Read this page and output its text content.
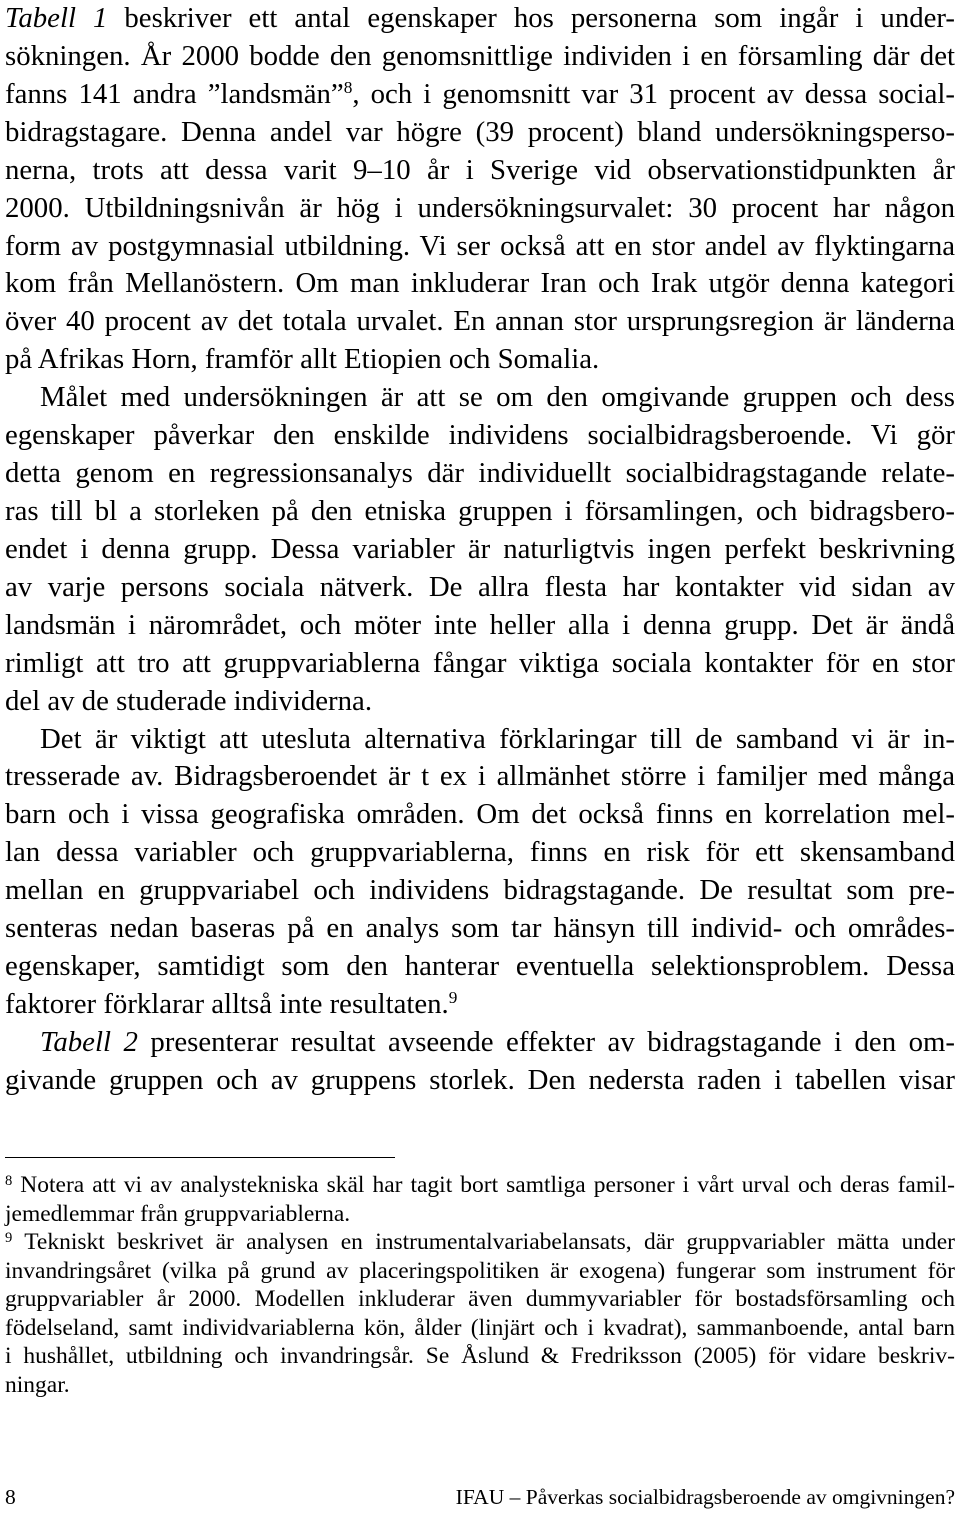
Tabell 1 beskriver ett antal egenskaper hos personerna som ingår i under-
sökningen. År 2000 bodde den genomsnittlige individen i en församling där det
fanns 141 andra ”landsmän”$^8$, och i genomsnitt var 31 procent av dessa social-
bidragstagare. Denna andel var högre (39 procent) bland undersökningsperso-
nerna, trots att dessa varit 9–10 år i Sverige vid observationstidpunkten år
2000. Utbildningsnivån är hög i undersökningsurvalet: 30 procent har någon
form av postgymnasial utbildning. Vi ser också att en stor andel av flyktingarna
kom från Mellanöstern. Om man inkluderar Iran och Irak utgör denna kategori
över 40 procent av det totala urvalet. En annan stor ursprungsregion är länderna
på Afrikas Horn, framför allt Etiopien och Somalia.
Målet med undersökningen är att se om den omgivande gruppen och dess
egenskaper påverkar den enskilde individens socialbidragsberoende. Vi gör
detta genom en regressionsanalys där individuellt socialbidragstagande relate-
ras till bl a storleken på den etniska gruppen i församlingen, och bidragsbero-
endet i denna grupp. Dessa variabler är naturligtvis ingen perfekt beskrivning
av varje persons sociala nätverk. De allra flesta har kontakter vid sidan av
landsmän i närområdet, och möter inte heller alla i denna grupp. Det är ändå
rimligt att tro att gruppvariablerna fångar viktiga sociala kontakter för en stor
del av de studerade individerna.
Det är viktigt att utesluta alternativa förklaringar till de samband vi är in-
tresserade av. Bidragsberoendet är t ex i allmänhet större i familjer med många
barn och i vissa geografiska områden. Om det också finns en korrelation mel-
lan dessa variabler och gruppvariablerna, finns en risk för ett skensamband
mellan en gruppvariabel och individens bidragstagande. De resultat som pre-
senteras nedan baseras på en analys som tar hänsyn till individ- och områdes-
egenskaper, samtidigt som den hanterar eventuella selektionsproblem. Dessa
faktorer förklarar alltså inte resultaten.$^9$
Tabell 2 presenterar resultat avseende effekter av bidragstagande i den om-
givande gruppen och av gruppens storlek. Den nedersta raden i tabellen visar
$^8$ Notera att vi av analystekniska skäl har tagit bort samtliga personer i vårt urval och deras famil-
jemedlemmar från gruppvariablerna.
$^9$ Tekniskt beskrivet är analysen en instrumentalvariabelansats, där gruppvariabler mätta under
invandringsåret (vilka på grund av placeringspolitiken är exogena) fungerar som instrument för
gruppvariabler år 2000. Modellen inkluderar även dummyvariabler för bostadsförsamling och
födelseland, samt individvariablerna kön, ålder (linjärt och i kvadrat), sammanboende, antal barn
i hushållet, utbildning och invandringsår. Se Åslund & Fredriksson (2005) för vidare beskriv-
ningar.
8	IFAU – Påverkas socialbidragsberoende av omgivningen?
